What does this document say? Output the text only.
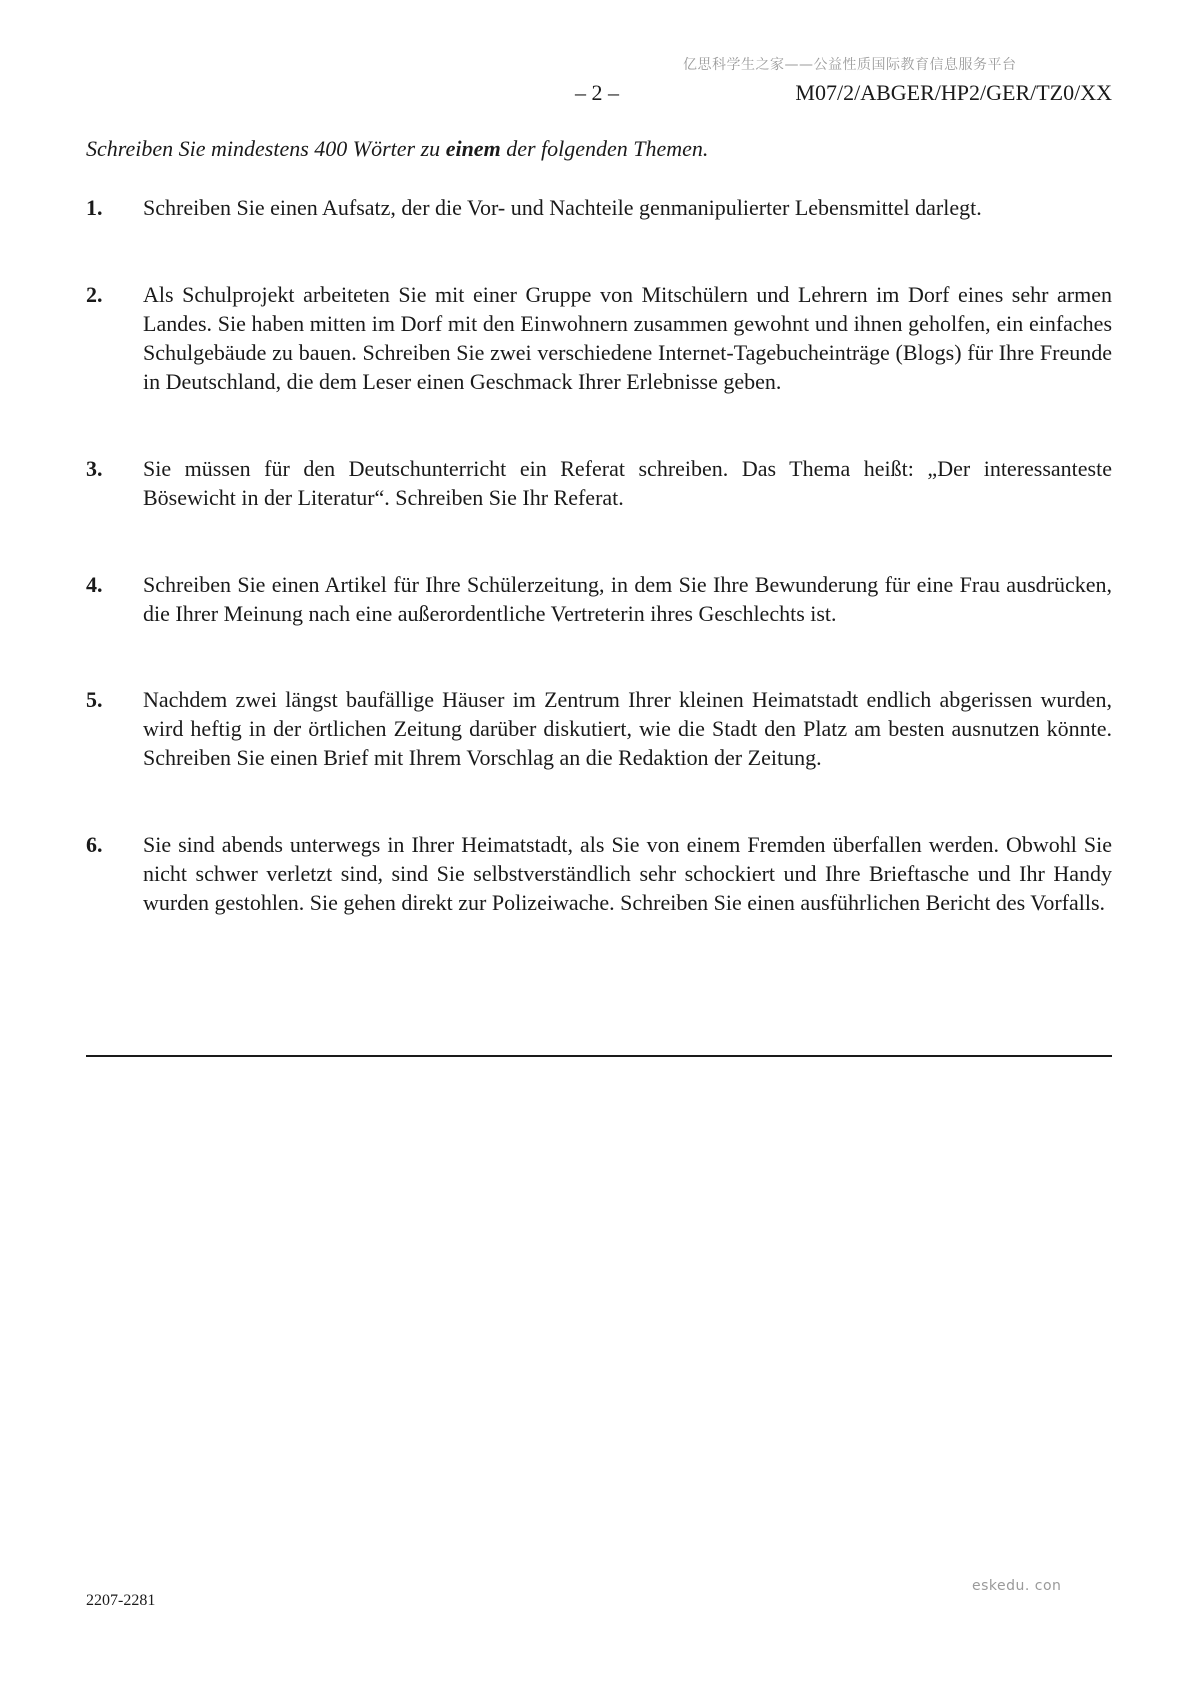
亿思科学生之家——公益性质国际教育信息服务平台
– 2 –	M07/2/ABGER/HP2/GER/TZ0/XX
Schreiben Sie mindestens 400 Wörter zu einem der folgenden Themen.
1.	Schreiben Sie einen Aufsatz, der die Vor- und Nachteile genmanipulierter Lebensmittel darlegt.
2.	Als Schulprojekt arbeiteten Sie mit einer Gruppe von Mitschülern und Lehrern im Dorf eines sehr armen Landes. Sie haben mitten im Dorf mit den Einwohnern zusammen gewohnt und ihnen geholfen, ein einfaches Schulgebäude zu bauen. Schreiben Sie zwei verschiedene Internet-Tagebucheinträge (Blogs) für Ihre Freunde in Deutschland, die dem Leser einen Geschmack Ihrer Erlebnisse geben.
3.	Sie müssen für den Deutschunterricht ein Referat schreiben. Das Thema heißt: „Der interessanteste Bösewicht in der Literatur“. Schreiben Sie Ihr Referat.
4.	Schreiben Sie einen Artikel für Ihre Schülerzeitung, in dem Sie Ihre Bewunderung für eine Frau ausdrücken, die Ihrer Meinung nach eine außerordentliche Vertreterin ihres Geschlechts ist.
5.	Nachdem zwei längst baufällige Häuser im Zentrum Ihrer kleinen Heimatstadt endlich abgerissen wurden, wird heftig in der örtlichen Zeitung darüber diskutiert, wie die Stadt den Platz am besten ausnutzen könnte. Schreiben Sie einen Brief mit Ihrem Vorschlag an die Redaktion der Zeitung.
6.	Sie sind abends unterwegs in Ihrer Heimatstadt, als Sie von einem Fremden überfallen werden. Obwohl Sie nicht schwer verletzt sind, sind Sie selbstverständlich sehr schockiert und Ihre Brieftasche und Ihr Handy wurden gestohlen. Sie gehen direkt zur Polizeiwache. Schreiben Sie einen ausführlichen Bericht des Vorfalls.
2207-2281
eskedu. con
